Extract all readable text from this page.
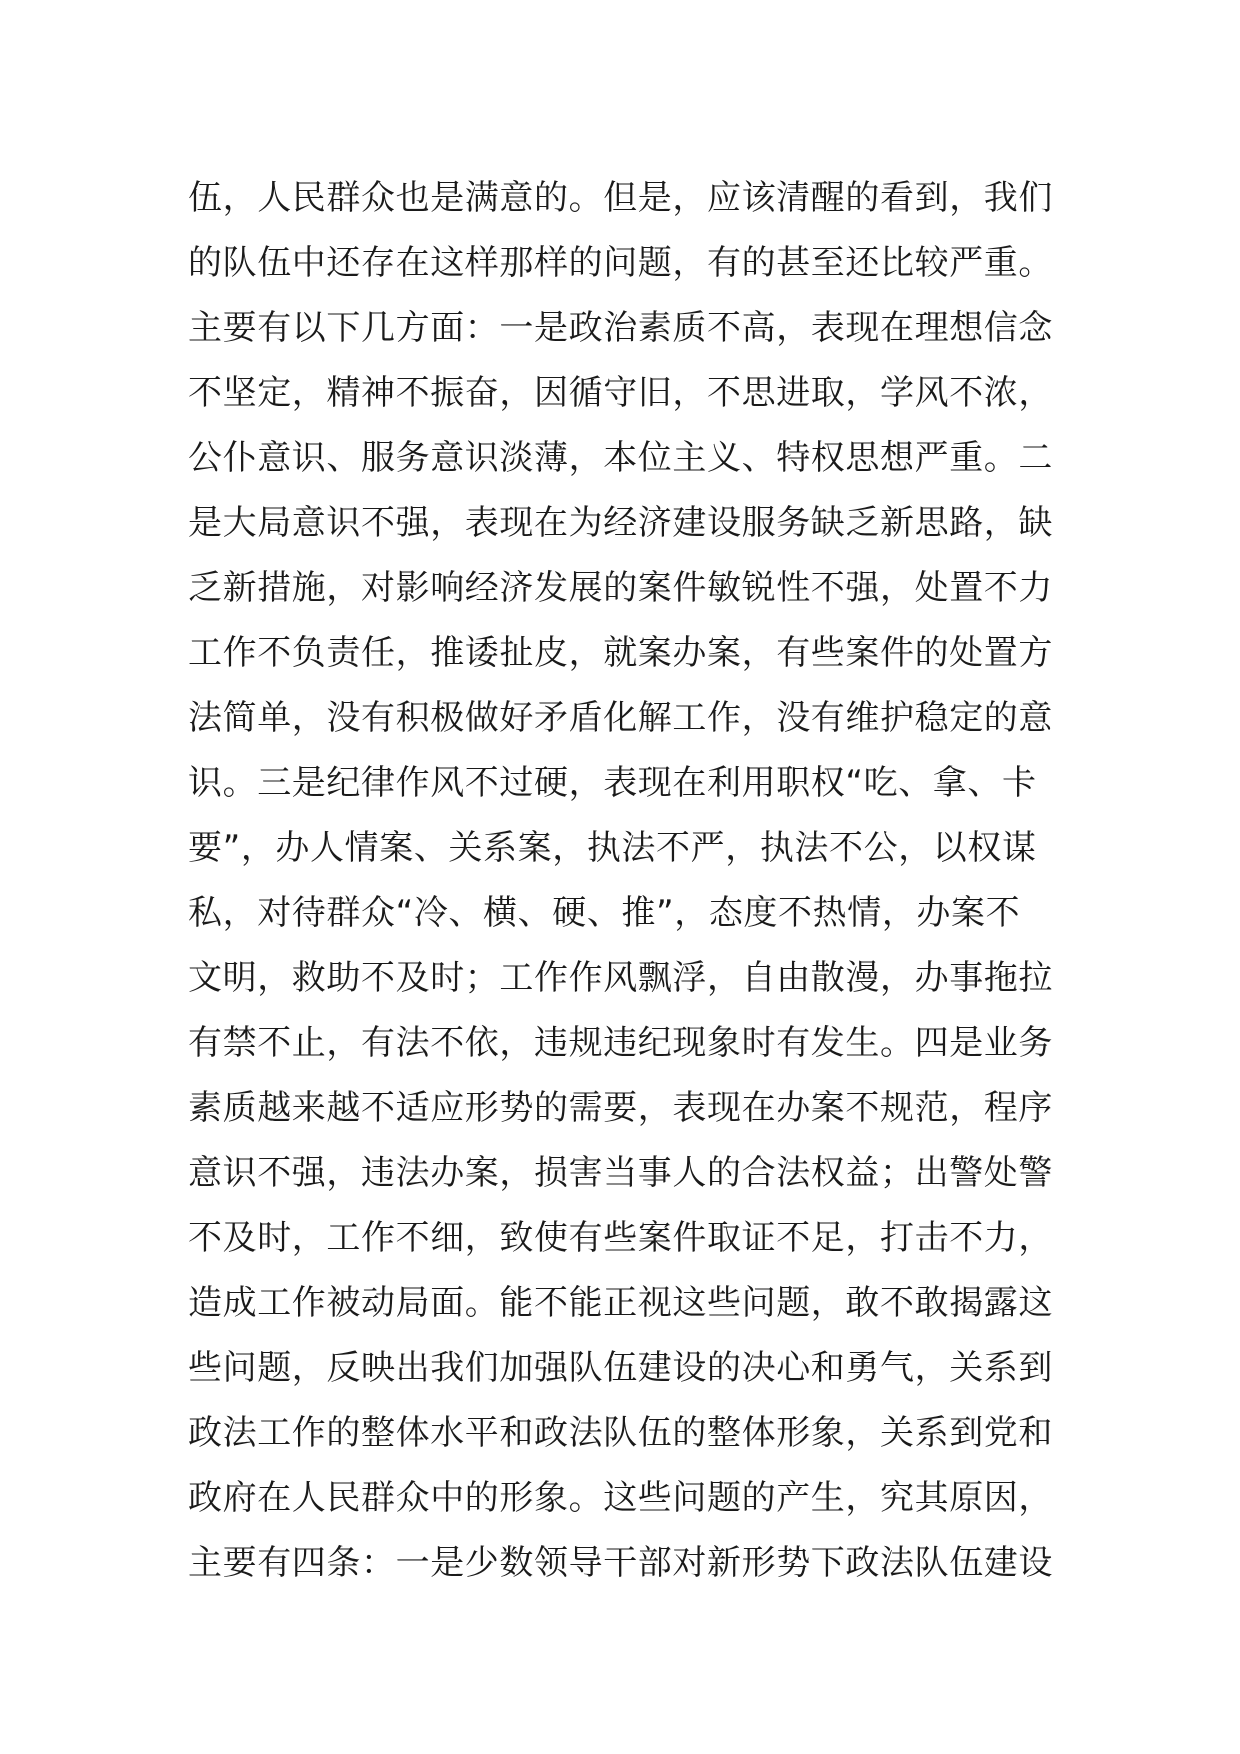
伍，人民群众也是满意的。但是，应该清醒的看到，我们
的队伍中还存在这样那样的问题，有的甚至还比较严重。
主要有以下几方面：一是政治素质不高，表现在理想信念
不坚定，精神不振奋，因循守旧，不思进取，学风不浓，
公仆意识、服务意识淡薄，本位主义、特权思想严重。二
是大局意识不强，表现在为经济建设服务缺乏新思路，缺
乏新措施，对影响经济发展的案件敏锐性不强，处置不力
工作不负责任，推诿扯皮，就案办案，有些案件的处置方
法简单，没有积极做好矛盾化解工作，没有维护稳定的意
识。三是纪律作风不过硬，表现在利用职权“吃、拿、卡
要”，办人情案、关系案，执法不严，执法不公，以权谋
私，对待群众“冷、横、硬、推”，态度不热情，办案不
文明，救助不及时；工作作风飘浮，自由散漫，办事拖拉
有禁不止，有法不依，违规违纪现象时有发生。四是业务
素质越来越不适应形势的需要，表现在办案不规范，程序
意识不强，违法办案，损害当事人的合法权益；出警处警
不及时，工作不细，致使有些案件取证不足，打击不力，
造成工作被动局面。能不能正视这些问题，敢不敢揭露这
些问题，反映出我们加强队伍建设的决心和勇气，关系到
政法工作的整体水平和政法队伍的整体形象，关系到党和
政府在人民群众中的形象。这些问题的产生，究其原因，
主要有四条：一是少数领导干部对新形势下政法队伍建设
